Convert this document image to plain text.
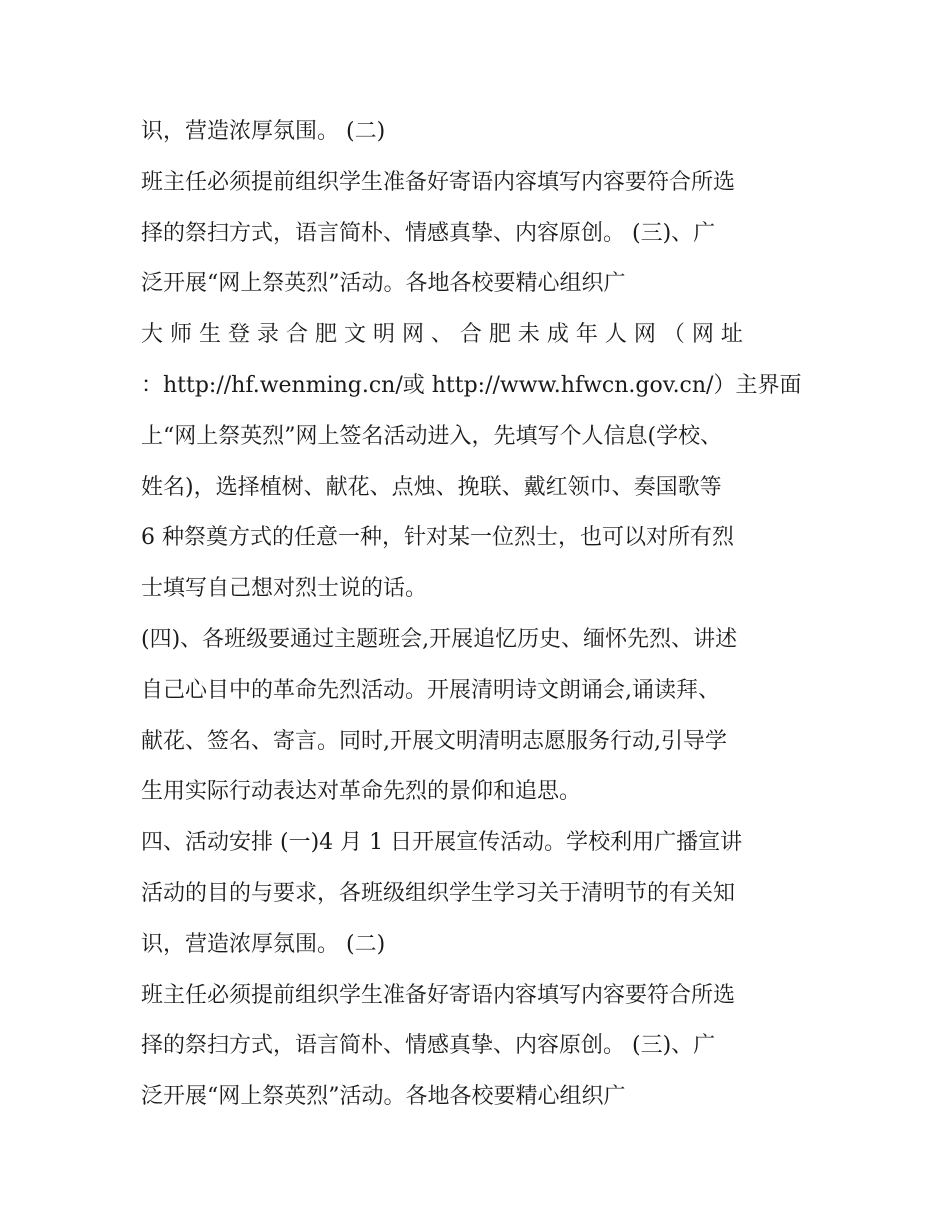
识，营造浓厚氛围。 (二)
班主任必须提前组织学生准备好寄语内容填写内容要符合所选
择的祭扫方式，语言简朴、情感真挚、内容原创。 (三)、广
泛开展“网上祭英烈”活动。各地各校要精心组织广
大 师 生 登 录 合 肥 文 明 网 、 合 肥 未 成 年 人 网 （ 网 址
：http://hf.wenming.cn/或 http://www.hfwcn.gov.cn/）主界面
上“网上祭英烈”网上签名活动进入，先填写个人信息(学校、
姓名)，选择植树、献花、点烛、挽联、戴红领巾、奏国歌等
6 种祭奠方式的任意一种，针对某一位烈士，也可以对所有烈
士填写自己想对烈士说的话。
(四)、各班级要通过主题班会,开展追忆历史、缅怀先烈、讲述
自己心目中的革命先烈活动。开展清明诗文朗诵会,诵读拜、
献花、签名、寄言。同时,开展文明清明志愿服务行动,引导学
生用实际行动表达对革命先烈的景仰和追思。
四、活动安排 (一)4 月 1 日开展宣传活动。学校利用广播宣讲
活动的目的与要求，各班级组织学生学习关于清明节的有关知
识，营造浓厚氛围。 (二)
班主任必须提前组织学生准备好寄语内容填写内容要符合所选
择的祭扫方式，语言简朴、情感真挚、内容原创。 (三)、广
泛开展“网上祭英烈”活动。各地各校要精心组织广
